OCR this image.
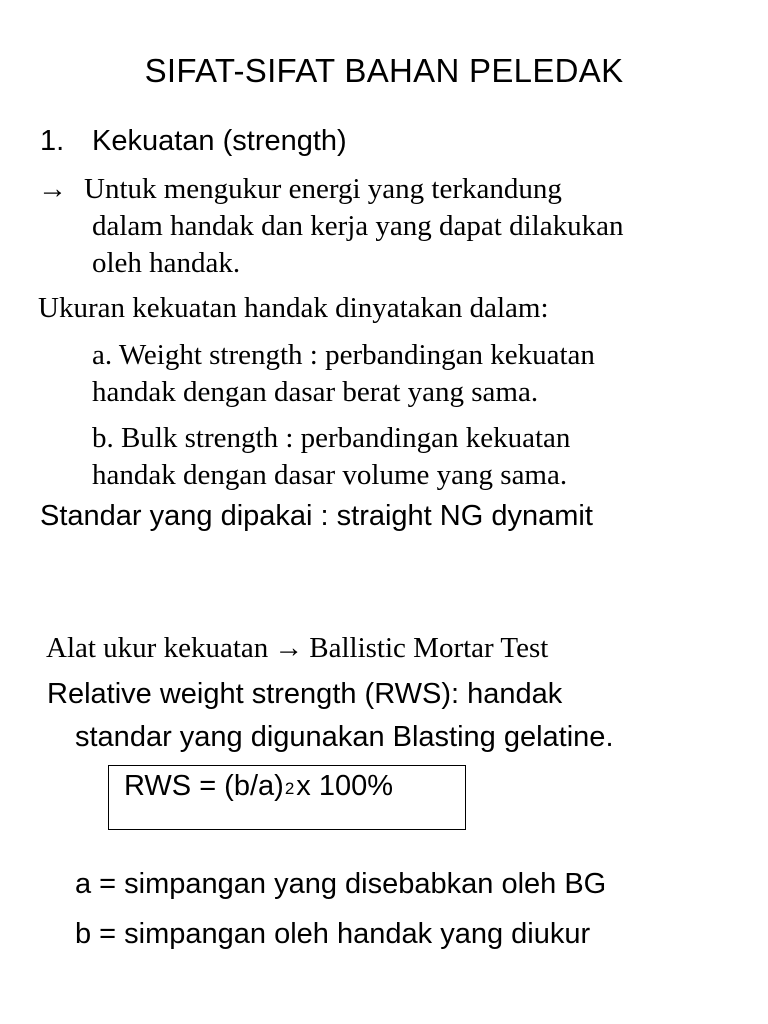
SIFAT-SIFAT BAHAN PELEDAK
1. Kekuatan (strength)
→ Untuk mengukur energi yang terkandung
dalam handak dan kerja yang dapat dilakukan
oleh handak.
Ukuran kekuatan handak dinyatakan dalam:
a. Weight strength : perbandingan kekuatan
handak dengan dasar berat yang sama.
b. Bulk strength : perbandingan kekuatan
handak dengan dasar volume yang sama.
Standar yang dipakai : straight NG dynamit
Alat ukur kekuatan → Ballistic Mortar Test
Relative weight strength (RWS): handak
standar yang digunakan Blasting gelatine.
RWS = (b/a)2x 100%
a = simpangan yang disebabkan oleh BG
b = simpangan oleh handak yang diukur
